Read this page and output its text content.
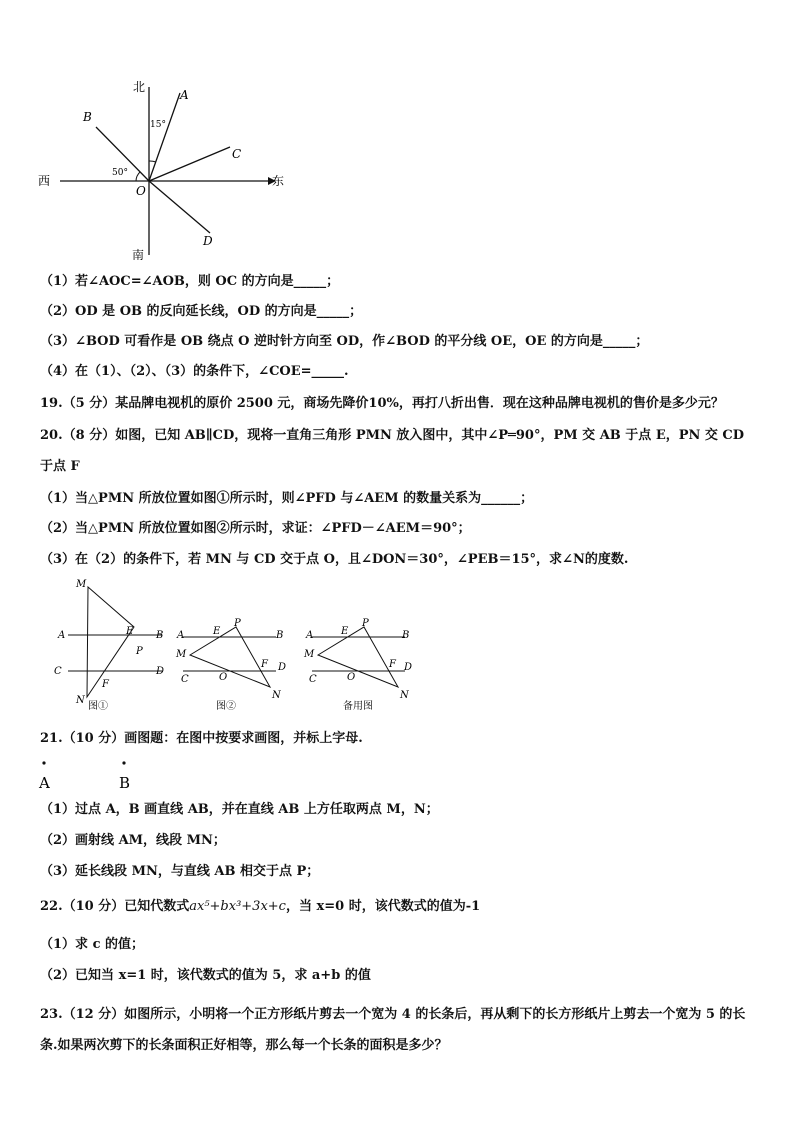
北
南
西	东
A
B
C
D
O
15°
50°
（1）若∠AOC=∠AOB，则 OC 的方向是_____；
（2）OD 是 OB 的反向延长线，OD 的方向是_____；
（3）∠BOD 可看作是 OB 绕点 O 逆时针方向至 OD，作∠BOD 的平分线 OE，OE 的方向是_____；
（4）在（1）、（2）、（3）的条件下，∠COE=_____.
19.（5 分）某品牌电视机的原价 2500 元，商场先降价10%，再打八折出售．现在这种品牌电视机的售价是多少元？
20.（8 分）如图，已知 AB∥CD，现将一直角三角形 PMN 放入图中，其中∠P═90°，PM 交 AB 于点 E，PN 交 CD
于点 F
（1）当△PMN 所放位置如图①所示时，则∠PFD 与∠AEM 的数量关系为______；
（2）当△PMN 所放位置如图②所示时，求证：∠PFD－∠AEM＝90°；
（3）在（2）的条件下，若 MN 与 CD 交于点 O，且∠DON＝30°，∠PEB＝15°，求∠N的度数.
M
A	B
E
P
C	D
F
N
图①
A	E
P
B
M
F D
C	O
N
图②
A	E
P
B
M
F D
C	O
N
备用图
21.（10 分）画图题：在图中按要求画图，并标上字母.
A	B
（1）过点 A，B 画直线 AB，并在直线 AB 上方任取两点 M，N；
（2）画射线 AM，线段 MN；
（3）延长线段 MN，与直线 AB 相交于点 P；
22.（10 分）已知代数式ax⁵+bx³+3x+c，当 x=0 时，该代数式的值为-1
（1）求 c 的值；
（2）已知当 x=1 时，该代数式的值为 5，求 a+b 的值
23.（12 分）如图所示，小明将一个正方形纸片剪去一个宽为 4 的长条后，再从剩下的长方形纸片上剪去一个宽为 5 的长条.如果两次剪下的长条面积正好相等，那么每一个长条的面积是多少？
